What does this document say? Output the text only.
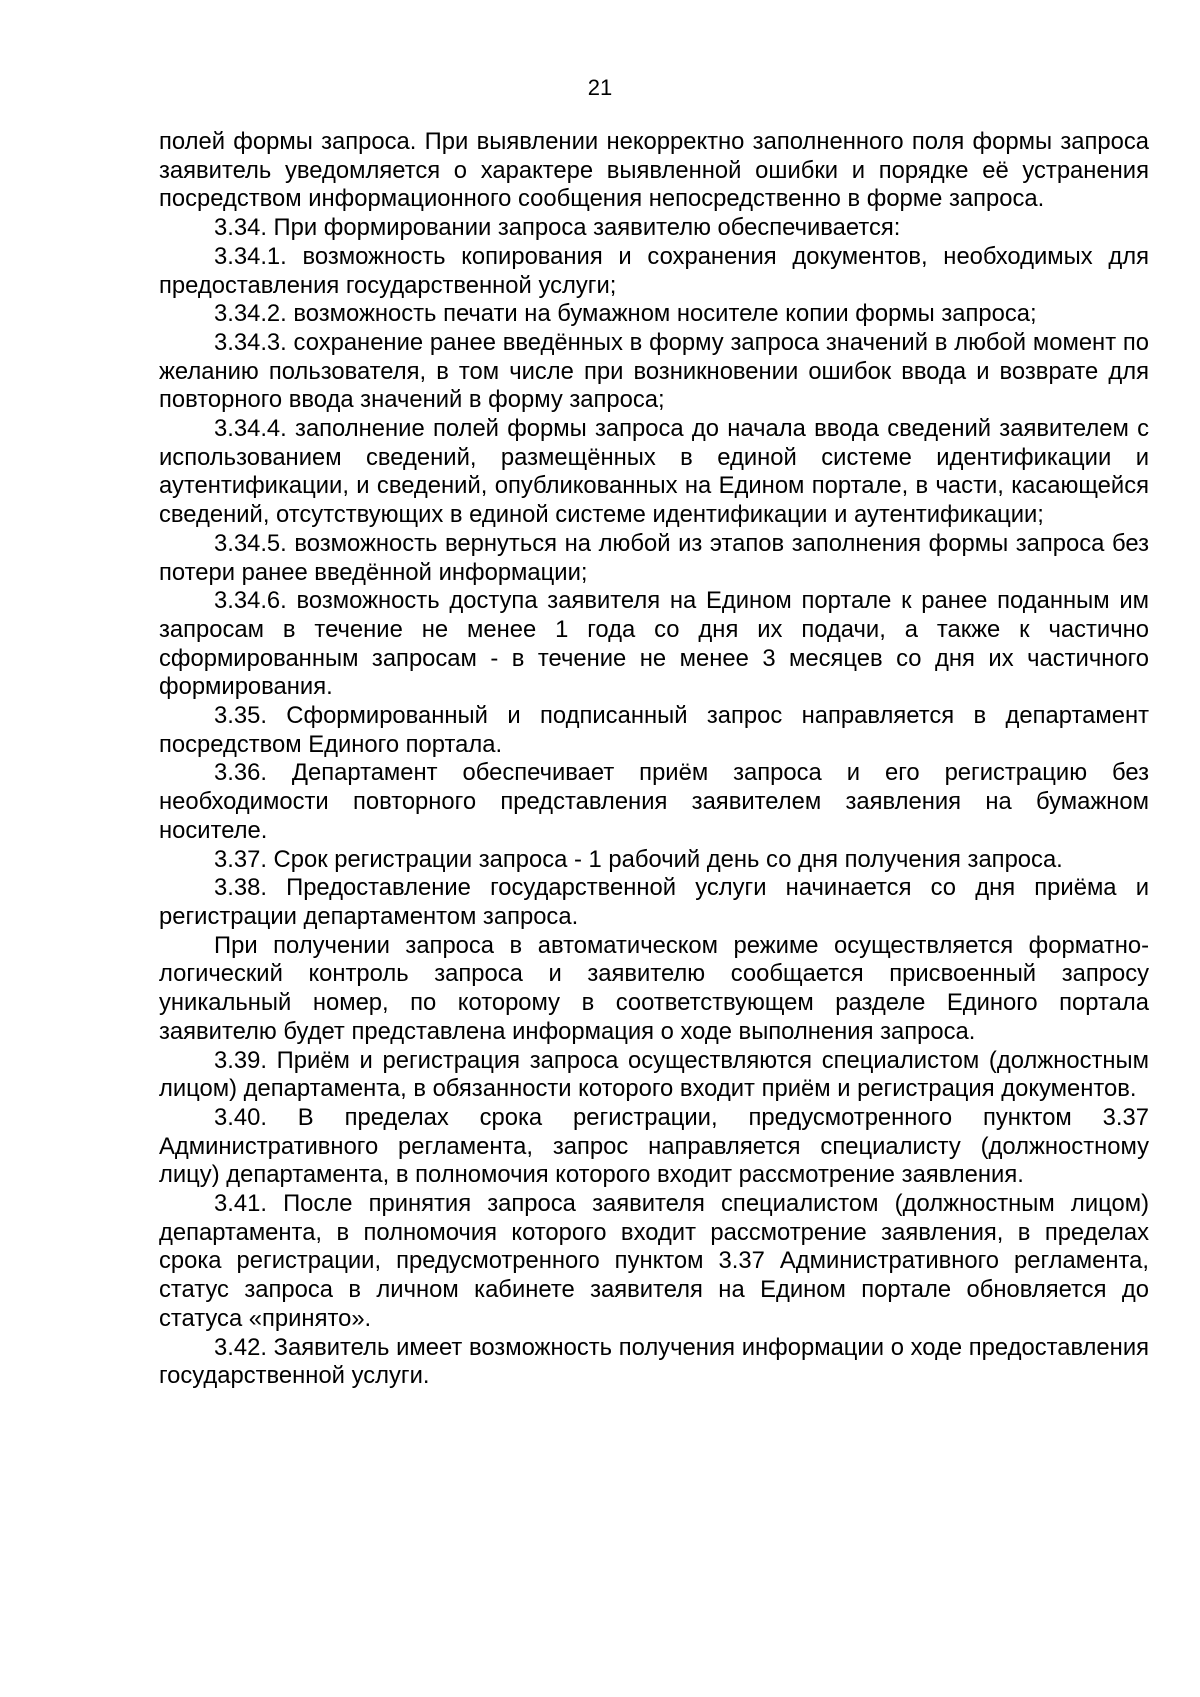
21

полей формы запроса. При выявлении некорректно заполненного поля формы запроса заявитель уведомляется о характере выявленной ошибки и порядке её устранения посредством информационного сообщения непосредственно в форме запроса.

3.34. При формировании запроса заявителю обеспечивается:

3.34.1. возможность копирования и сохранения документов, необходимых для предоставления государственной услуги;

3.34.2. возможность печати на бумажном носителе копии формы запроса;

3.34.3. сохранение ранее введённых в форму запроса значений в любой момент по желанию пользователя, в том числе при возникновении ошибок ввода и возврате для повторного ввода значений в форму запроса;

3.34.4. заполнение полей формы запроса до начала ввода сведений заявителем с использованием сведений, размещённых в единой системе идентификации и аутентификации, и сведений, опубликованных на Едином портале, в части, касающейся сведений, отсутствующих в единой системе идентификации и аутентификации;

3.34.5. возможность вернуться на любой из этапов заполнения формы запроса без потери ранее введённой информации;

3.34.6. возможность доступа заявителя на Едином портале к ранее поданным им запросам в течение не менее 1 года со дня их подачи, а также к частично сформированным запросам - в течение не менее 3 месяцев со дня их частичного формирования.

3.35. Сформированный и подписанный запрос направляется в департамент посредством Единого портала.

3.36. Департамент обеспечивает приём запроса и его регистрацию без необходимости повторного представления заявителем заявления на бумажном носителе.

3.37. Срок регистрации запроса - 1 рабочий день со дня получения запроса.

3.38. Предоставление государственной услуги начинается со дня приёма и регистрации департаментом запроса.

При получении запроса в автоматическом режиме осуществляется форматно-логический контроль запроса и заявителю сообщается присвоенный запросу уникальный номер, по которому в соответствующем разделе Единого портала заявителю будет представлена информация о ходе выполнения запроса.

3.39. Приём и регистрация запроса осуществляются специалистом (должностным лицом) департамента, в обязанности которого входит приём и регистрация документов.

3.40. В пределах срока регистрации, предусмотренного пунктом 3.37 Административного регламента, запрос направляется специалисту (должностному лицу) департамента, в полномочия которого входит рассмотрение заявления.

3.41. После принятия запроса заявителя специалистом (должностным лицом) департамента, в полномочия которого входит рассмотрение заявления, в пределах срока регистрации, предусмотренного пунктом 3.37 Административного регламента, статус запроса в личном кабинете заявителя на Едином портале обновляется до статуса «принято».

3.42. Заявитель имеет возможность получения информации о ходе предоставления государственной услуги.
